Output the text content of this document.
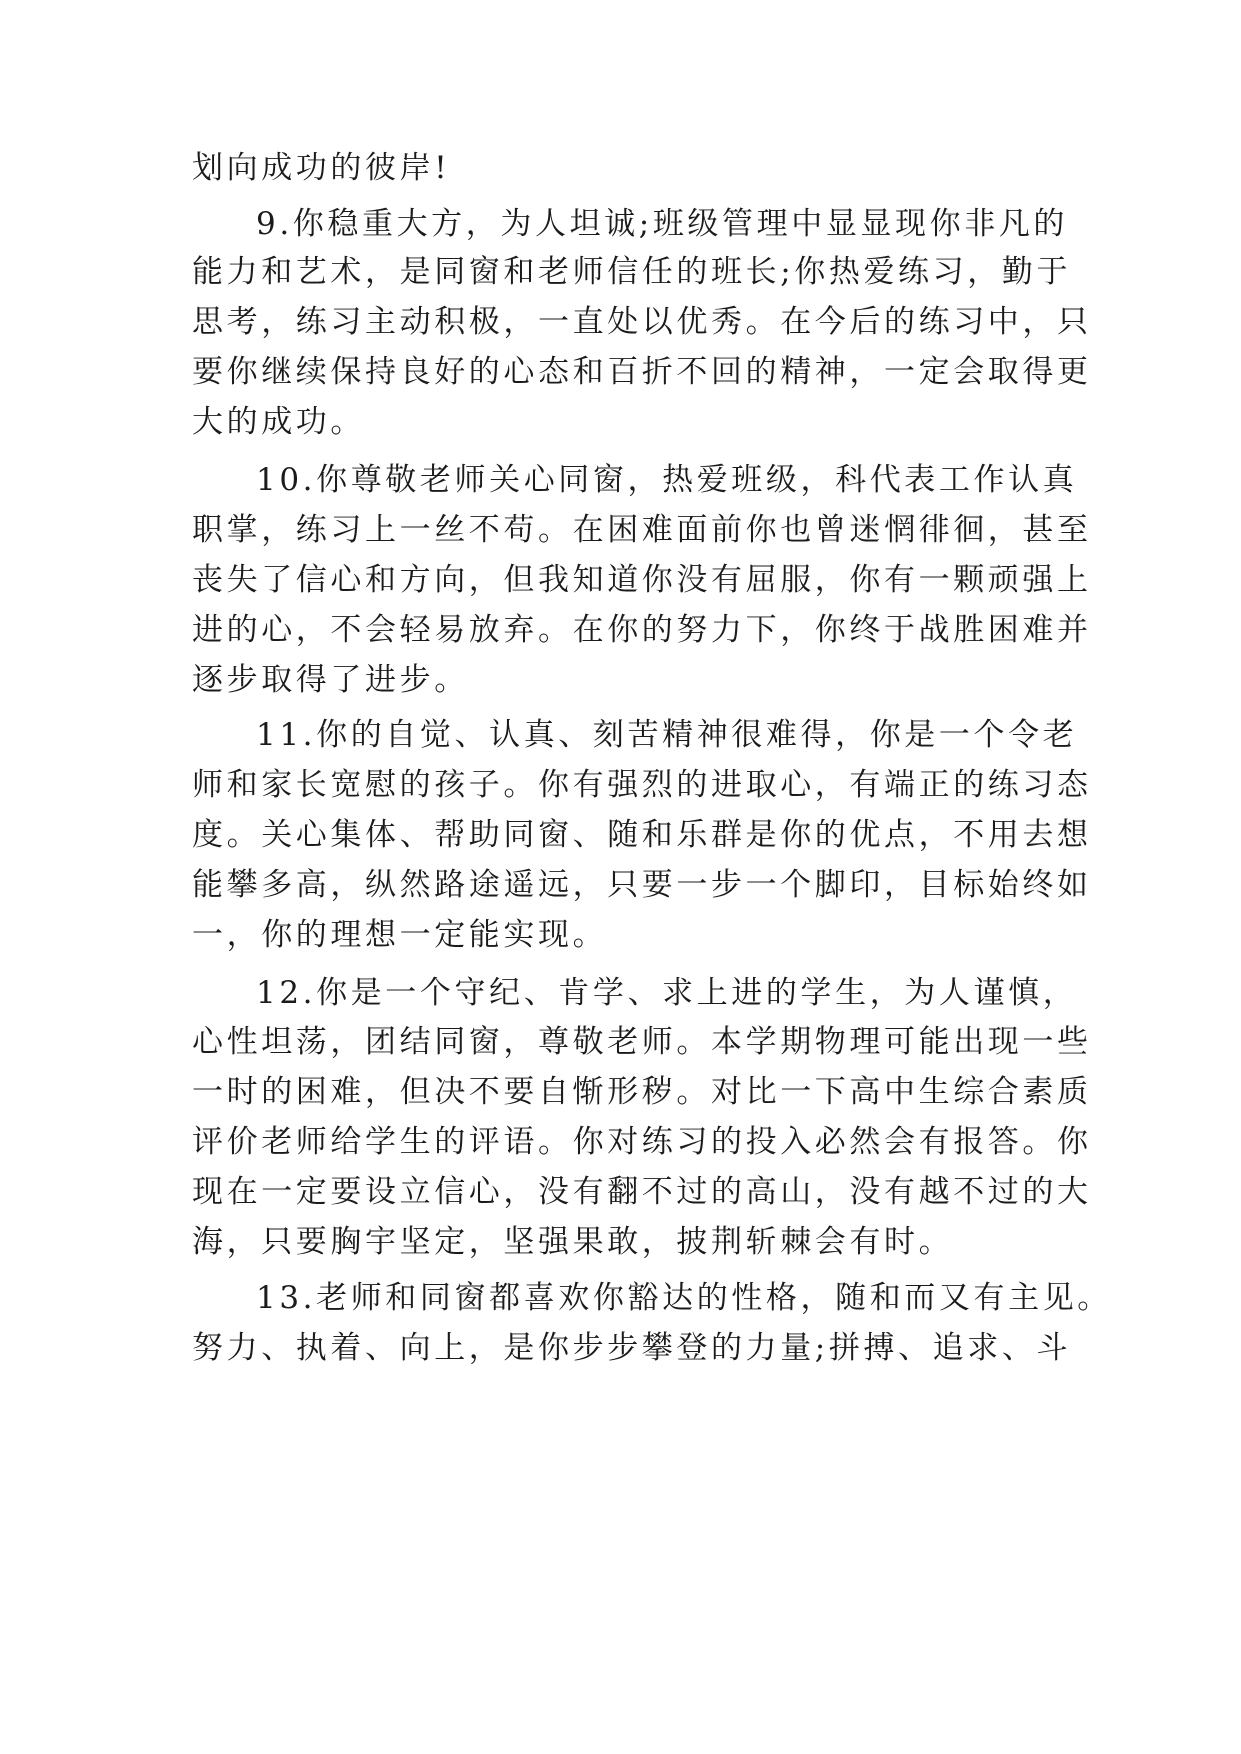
划向成功的彼岸!
9.你稳重大方，为人坦诚;班级管理中显显现你非凡的
能力和艺术，是同窗和老师信任的班长;你热爱练习，勤于
思考，练习主动积极，一直处以优秀。在今后的练习中，只
要你继续保持良好的心态和百折不回的精神，一定会取得更
大的成功。
10.你尊敬老师关心同窗，热爱班级，科代表工作认真
职掌，练习上一丝不苟。在困难面前你也曾迷惘徘徊，甚至
丧失了信心和方向，但我知道你没有屈服，你有一颗顽强上
进的心，不会轻易放弃。在你的努力下，你终于战胜困难并
逐步取得了进步。
11.你的自觉、认真、刻苦精神很难得，你是一个令老
师和家长宽慰的孩子。你有强烈的进取心，有端正的练习态
度。关心集体、帮助同窗、随和乐群是你的优点，不用去想
能攀多高，纵然路途遥远，只要一步一个脚印，目标始终如
一，你的理想一定能实现。
12.你是一个守纪、肯学、求上进的学生，为人谨慎，
心性坦荡，团结同窗，尊敬老师。本学期物理可能出现一些
一时的困难，但决不要自惭形秽。对比一下高中生综合素质
评价老师给学生的评语。你对练习的投入必然会有报答。你
现在一定要设立信心，没有翻不过的高山，没有越不过的大
海，只要胸宇坚定，坚强果敢，披荆斩棘会有时。
13.老师和同窗都喜欢你豁达的性格，随和而又有主见。
努力、执着、向上，是你步步攀登的力量;拼搏、追求、斗
